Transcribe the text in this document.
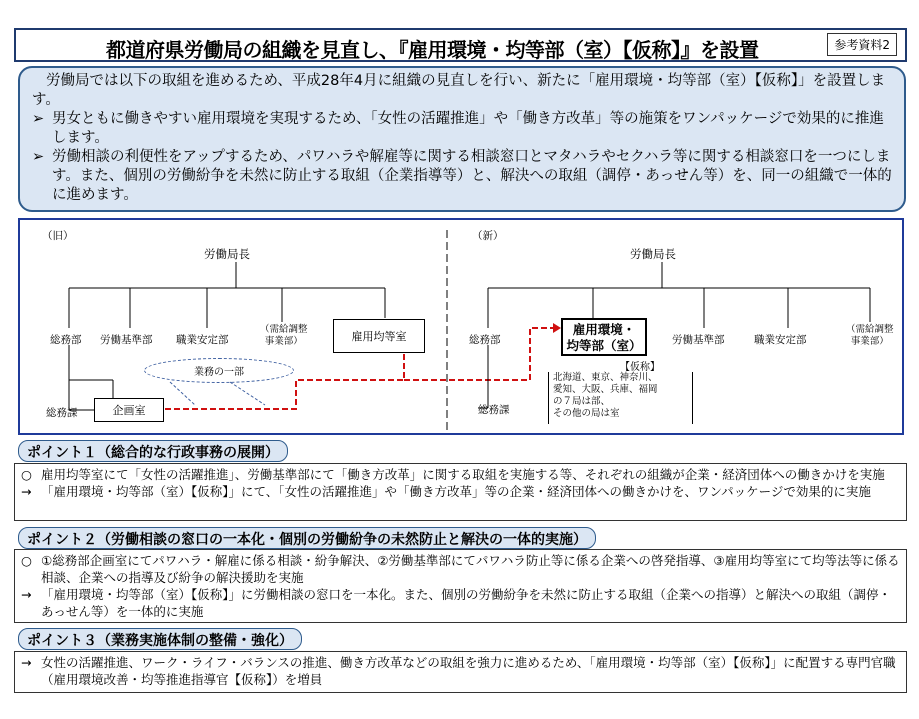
都道府県労働局の組織を見直し、『雇用環境・均等部（室）【仮称】』を設置	参考資料2

労働局では以下の取組を進めるため、平成28年4月に組織の見直しを行い、新たに「雇用環境・均等部（室）【仮称】」を設置します。

➢ 男女ともに働きやすい雇用環境を実現するため、「女性の活躍推進」や「働き方改革」等の施策をワンパッケージで効果的に推進します。

➢ 労働相談の利便性をアップするため、パワハラや解雇等に関する相談窓口とマタハラやセクハラ等に関する相談窓口を一つにします。また、個別の労働紛争を未然に防止する取組（企業指導等）と、解決への取組（調停・あっせん等）を、同一の組織で一体的に進めます。

（旧）
労働局長
総務部 労働基準部 職業安定部
（需給調整
事業部）	雇用均等室
総務課	企画室
業務の一部
（新）
労働局長
総務部
雇用環境・
均等部（室）
【仮称】
北海道、東京、神奈川、
愛知、大阪、兵庫、福岡
の７局は部、
その他の局は室
労働基準部	職業安定部
（需給調整
事業部）
総務課
ポイント１（総合的な行政事務の展開）
○ 雇用均等室にて「女性の活躍推進」、労働基準部にて「働き方改革」に関する取組を実施する等、それぞれの組織が企業・経済団体への働きかけを実施
→ 「雇用環境・均等部（室）【仮称】」にて、「女性の活躍推進」や「働き方改革」等の企業・経済団体への働きかけを、ワンパッケージで効果的に実施
ポイント２（労働相談の窓口の一本化・個別の労働紛争の未然防止と解決の一体的実施）
○ ①総務部企画室にてパワハラ・解雇に係る相談・紛争解決、②労働基準部にてパワハラ防止等に係る企業への啓発指導、③雇用均等室にて均等法等に係る相談、企業への指導及び紛争の解決援助を実施
→ 「雇用環境・均等部（室）【仮称】」に労働相談の窓口を一本化。また、個別の労働紛争を未然に防止する取組（企業への指導）と解決への取組（調停・あっせん等）を一体的に実施
ポイント３（業務実施体制の整備・強化）
→ 女性の活躍推進、ワーク・ライフ・バランスの推進、働き方改革などの取組を強力に進めるため、「雇用環境・均等部（室）【仮称】」に配置する専門官職（雇用環境改善・均等推進指導官【仮称】）を増員
